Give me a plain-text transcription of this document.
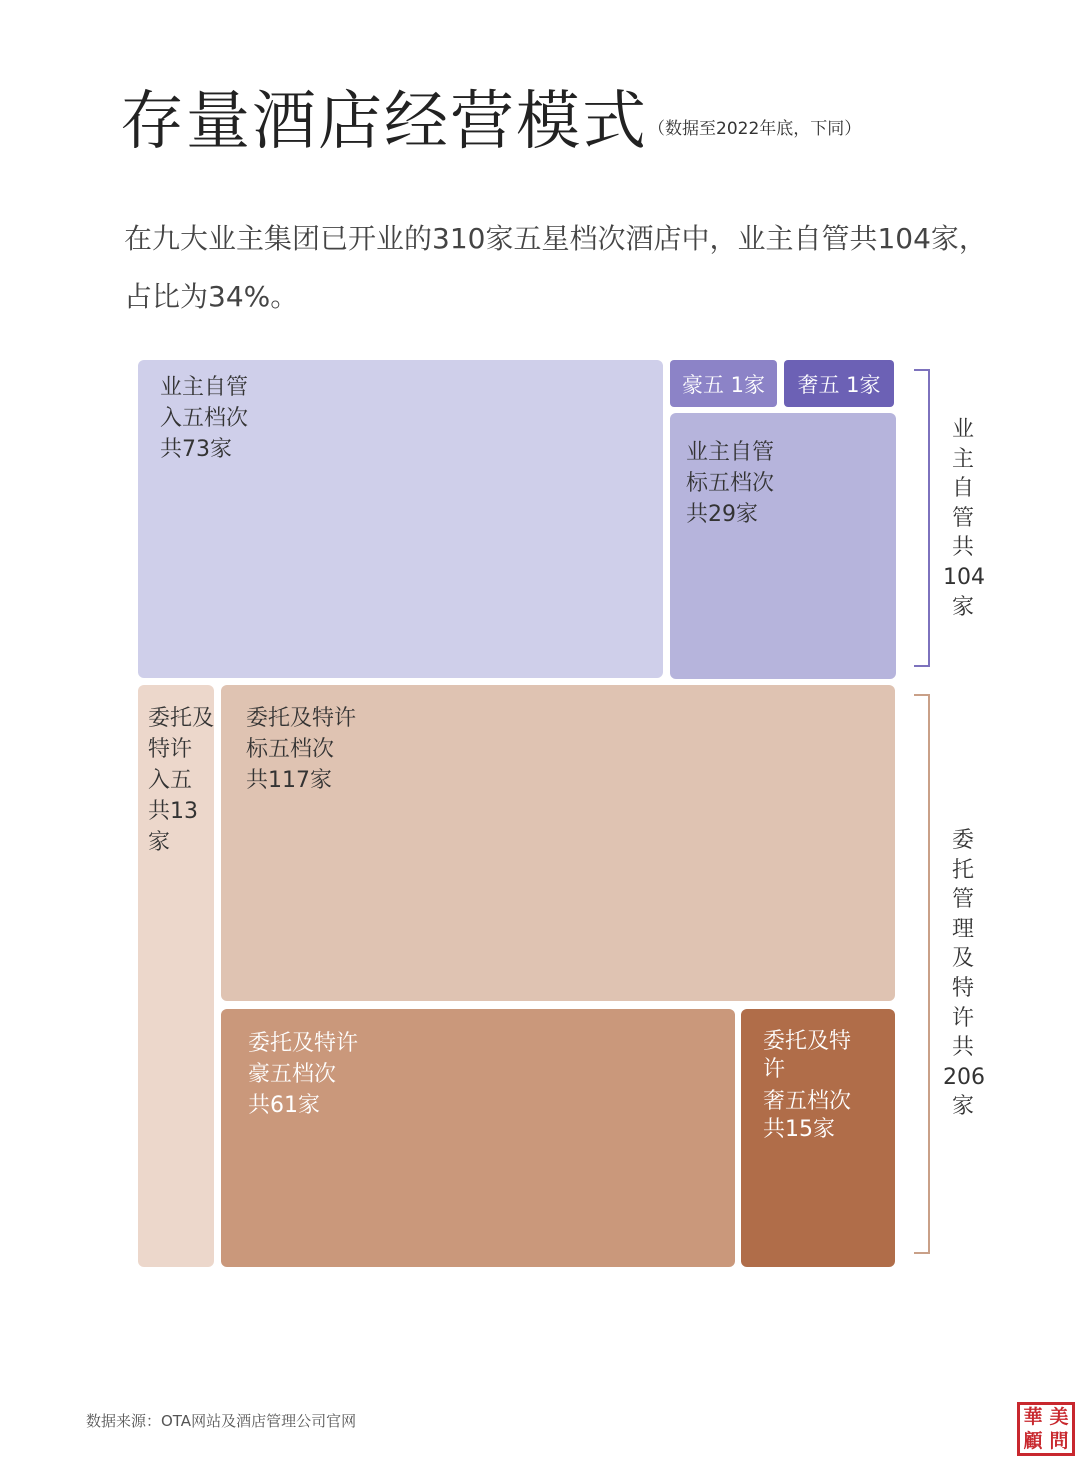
存量酒店经营模式 （数据至2022年底，下同）

在九大业主集团已开业的310家五星档次酒店中，业主自管共104家，
占比为34%。

业主自管
入五档次
共73家
豪五 1家	奢五 1家
业主自管
标五档次
共29家
委托及
特许
入五
共13家
委托及特许
标五档次
共117家
委托及特许
豪五档次
共61家
委托及特
许
奢五档次
共15家
业
主
自
管
共
104
家
委
托
管
理
及
特
许
共
206
家
数据来源：OTA网站及酒店管理公司官网	華 美
顧 問
